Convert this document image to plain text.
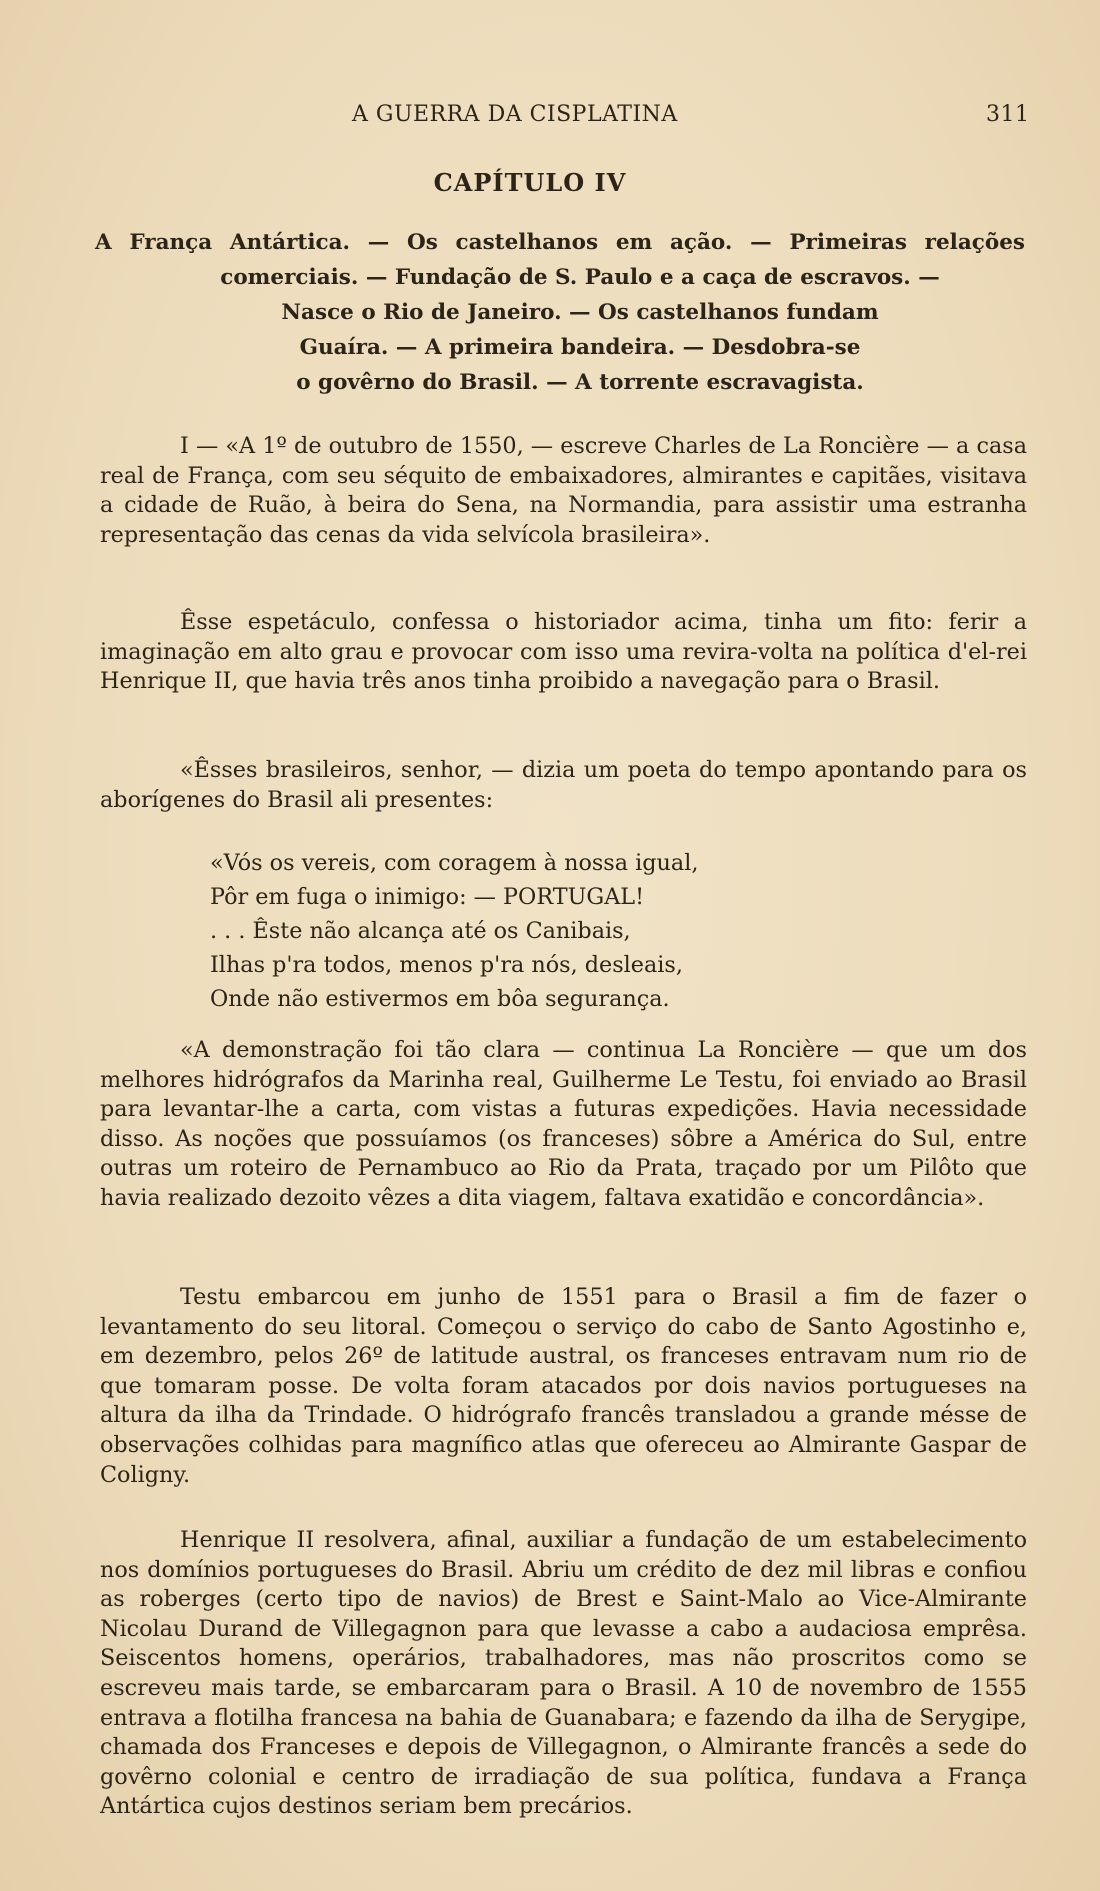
A GUERRA DA CISPLATINA	311
CAPÍTULO IV
A França Antártica. — Os castelhanos em ação. — Primeiras relações
comerciais. — Fundação de S. Paulo e a caça de escravos. —
Nasce o Rio de Janeiro. — Os castelhanos fundam
Guaíra. — A primeira bandeira. — Desdobra-se
o govêrno do Brasil. — A torrente escravagista.

I — «A 1º de outubro de 1550, — escreve Charles de La Roncière — a casa real de França, com seu séquito de embaixadores, almirantes e capitães, visitava a cidade de Ruão, à beira do Sena, na Normandia, para assistir uma estranha representação das cenas da vida selvícola brasileira».

Êsse espetáculo, confessa o historiador acima, tinha um fito: ferir a imaginação em alto grau e provocar com isso uma revira-volta na política d'el-rei Henrique II, que havia três anos tinha proibido a navegação para o Brasil.

«Êsses brasileiros, senhor, — dizia um poeta do tempo apontando para os aborígenes do Brasil ali presentes:

«Vós os vereis, com coragem à nossa igual,
Pôr em fuga o inimigo: — PORTUGAL!
. . . Êste não alcança até os Canibais,
Ilhas p'ra todos, menos p'ra nós, desleais,
Onde não estivermos em bôa segurança.

«A demonstração foi tão clara — continua La Roncière — que um dos melhores hidrógrafos da Marinha real, Guilherme Le Testu, foi enviado ao Brasil para levantar-lhe a carta, com vistas a futuras expedições. Havia necessidade disso. As noções que possuíamos (os franceses) sôbre a América do Sul, entre outras um roteiro de Pernambuco ao Rio da Prata, traçado por um Pilôto que havia realizado dezoito vêzes a dita viagem, faltava exatidão e concordância».

Testu embarcou em junho de 1551 para o Brasil a fim de fazer o levantamento do seu litoral. Começou o serviço do cabo de Santo Agostinho e, em dezembro, pelos 26º de latitude austral, os franceses entravam num rio de que tomaram posse. De volta foram atacados por dois navios portugueses na altura da ilha da Trindade. O hidrógrafo francês transladou a grande mésse de observações colhidas para magnífico atlas que ofereceu ao Almirante Gaspar de Coligny.

Henrique II resolvera, afinal, auxiliar a fundação de um estabelecimento nos domínios portugueses do Brasil. Abriu um crédito de dez mil libras e confiou as roberges (certo tipo de navios) de Brest e Saint-Malo ao Vice-Almirante Nicolau Durand de Villegagnon para que levasse a cabo a audaciosa emprêsa. Seiscentos homens, operários, trabalhadores, mas não proscritos como se escreveu mais tarde, se embarcaram para o Brasil. A 10 de novembro de 1555 entrava a flotilha francesa na bahia de Guanabara; e fazendo da ilha de Serygipe, chamada dos Franceses e depois de Villegagnon, o Almirante francês a sede do govêrno colonial e centro de irradiação de sua política, fundava a França Antártica cujos destinos seriam bem precários.
